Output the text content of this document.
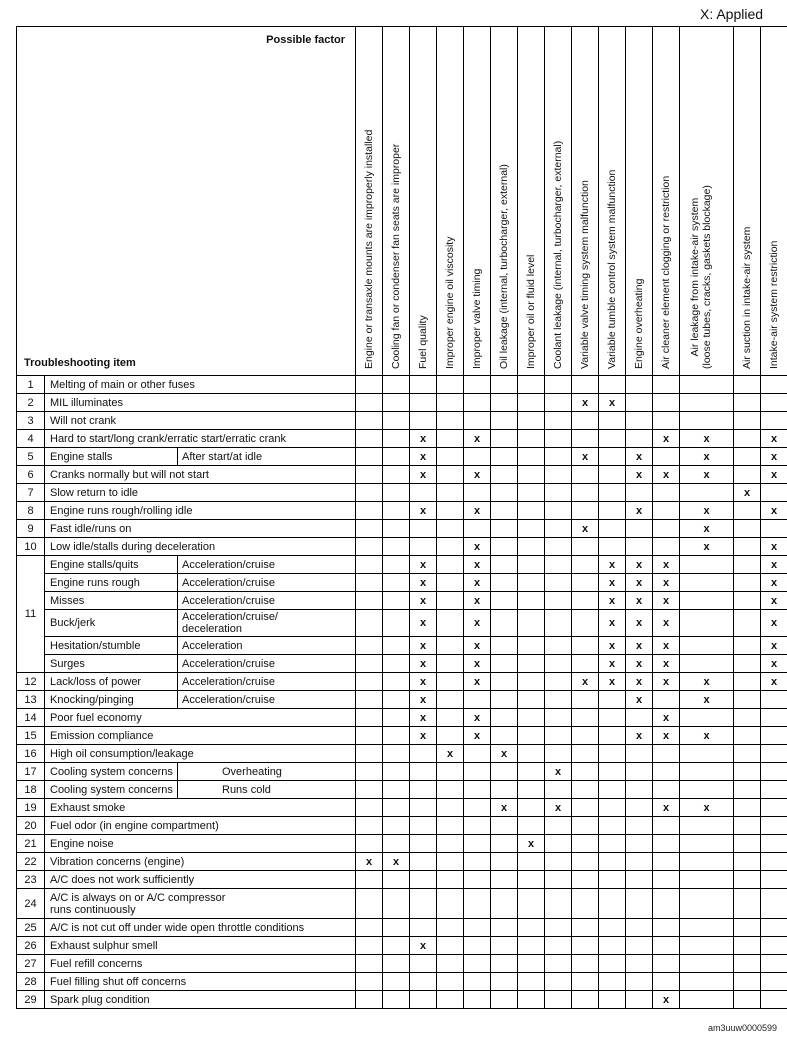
X: Applied
Possible factor
Troubleshooting item			Engine or transaxle mounts are improperly installed	Cooling fan or condenser fan seats are improper	Fuel quality	Improper engine oil viscosity	Improper valve timing	Oil leakage (internal, turbocharger, external)	Improper oil or fluid level	Coolant leakage (internal, turbocharger, external)	Variable valve timing system malfunction	Variable tumble control system malfunction	Engine overheating	Air cleaner element clogging or restriction	Air leakage from intake-air system
(loose tubes, cracks, gaskets blockage)	Air suction in intake-air system	Intake-air system restriction

1	Melting of main or other fuses																
2	MIL illuminates										x	x					
3	Will not crank																
4	Hard to start/long crank/erratic start/erratic crank				x		x							x	x		x
5	Engine stalls	After start/at idle			x						x		x		x		x
6	Cranks normally but will not start				x		x						x	x	x		x
7	Slow return to idle															x	
8	Engine runs rough/rolling idle				x		x						x		x		x
9	Fast idle/runs on										x				x		
10	Low idle/stalls during deceleration						x								x		x
11	Engine stalls/quits	Acceleration/cruise			x		x					x	x	x			x
	Engine runs rough	Acceleration/cruise			x		x					x	x	x			x
	Misses	Acceleration/cruise			x		x					x	x	x			x
	Buck/jerk	Acceleration/cruise/
deceleration			x		x					x	x	x			x
	Hesitation/stumble	Acceleration			x		x					x	x	x			x
	Surges	Acceleration/cruise			x		x					x	x	x			x
12	Lack/loss of power	Acceleration/cruise			x		x				x	x	x	x	x		x
13	Knocking/pinging	Acceleration/cruise			x								x		x		
14	Poor fuel economy				x		x							x			
15	Emission compliance				x		x						x	x	x		
16	High oil consumption/leakage					x		x									
17	Cooling system concerns	Overheating								x							
18	Cooling system concerns	Runs cold															
19	Exhaust smoke							x		x				x	x		
20	Fuel odor (in engine compartment)																
21	Engine noise								x								
22	Vibration concerns (engine)		x	x													
23	A/C does not work sufficiently																
24	A/C is always on or A/C compressor
runs continuously																
25	A/C is not cut off under wide open throttle conditions																
26	Exhaust sulphur smell				x												
27	Fuel refill concerns																
28	Fuel filling shut off concerns																
29	Spark plug condition													x			
am3uuw0000599
